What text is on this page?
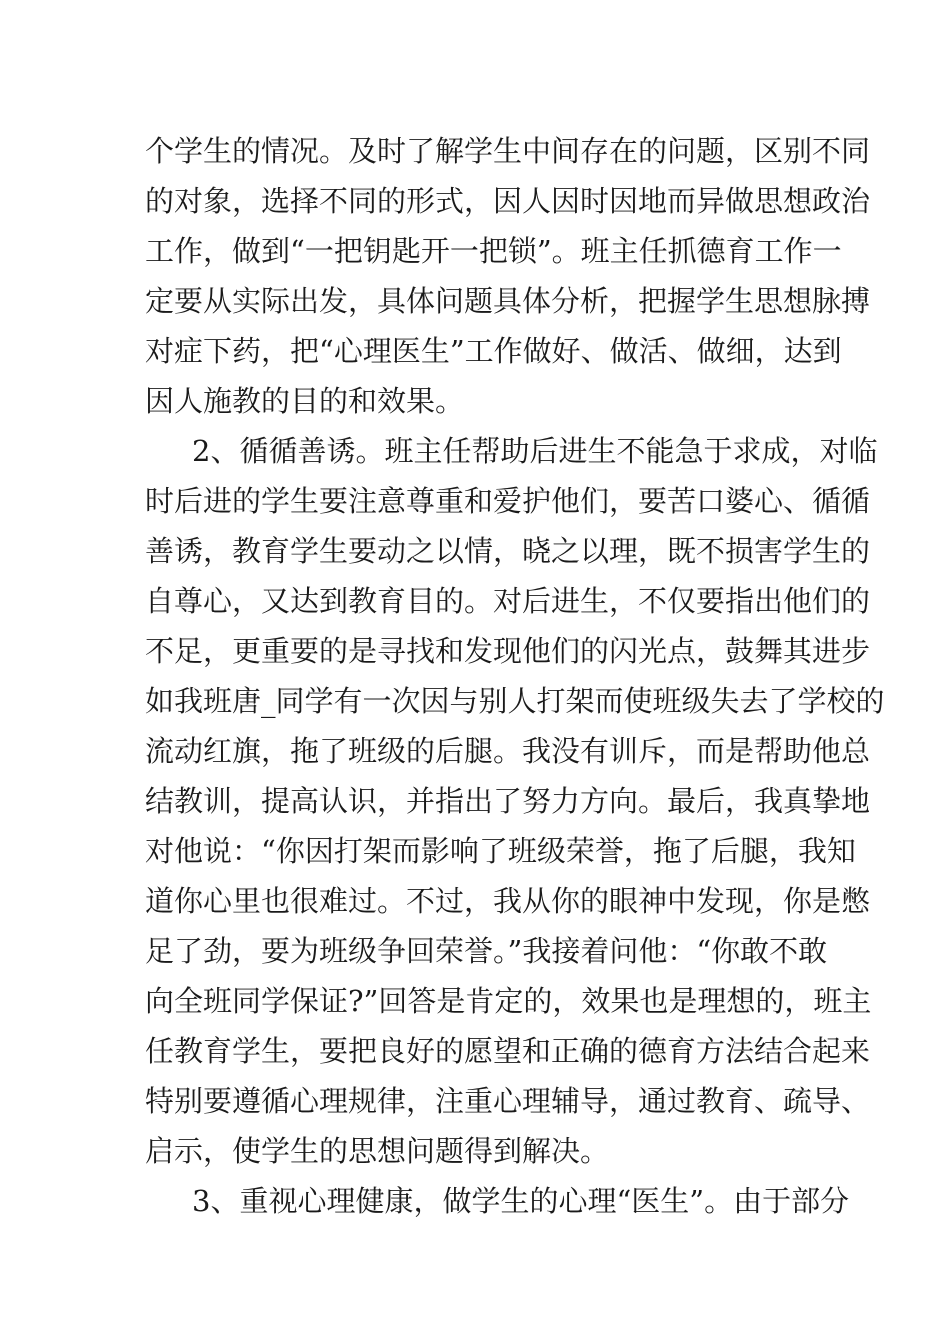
个学生的情况。及时了解学生中间存在的问题，区别不同
的对象，选择不同的形式，因人因时因地而异做思想政治
工作，做到“一把钥匙开一把锁”。班主任抓德育工作一
定要从实际出发，具体问题具体分析，把握学生思想脉搏
对症下药，把“心理医生”工作做好、做活、做细，达到
因人施教的目的和效果。
2、循循善诱。班主任帮助后进生不能急于求成，对临
时后进的学生要注意尊重和爱护他们，要苦口婆心、循循
善诱，教育学生要动之以情，晓之以理，既不损害学生的
自尊心，又达到教育目的。对后进生，不仅要指出他们的
不足，更重要的是寻找和发现他们的闪光点，鼓舞其进步
如我班唐_同学有一次因与别人打架而使班级失去了学校的
流动红旗，拖了班级的后腿。我没有训斥，而是帮助他总
结教训，提高认识，并指出了努力方向。最后，我真挚地
对他说：“你因打架而影响了班级荣誉，拖了后腿，我知
道你心里也很难过。不过，我从你的眼神中发现，你是憋
足了劲，要为班级争回荣誉。”我接着问他：“你敢不敢
向全班同学保证?”回答是肯定的，效果也是理想的，班主
任教育学生，要把良好的愿望和正确的德育方法结合起来
特别要遵循心理规律，注重心理辅导，通过教育、疏导、
启示，使学生的思想问题得到解决。
3、重视心理健康，做学生的心理“医生”。由于部分
